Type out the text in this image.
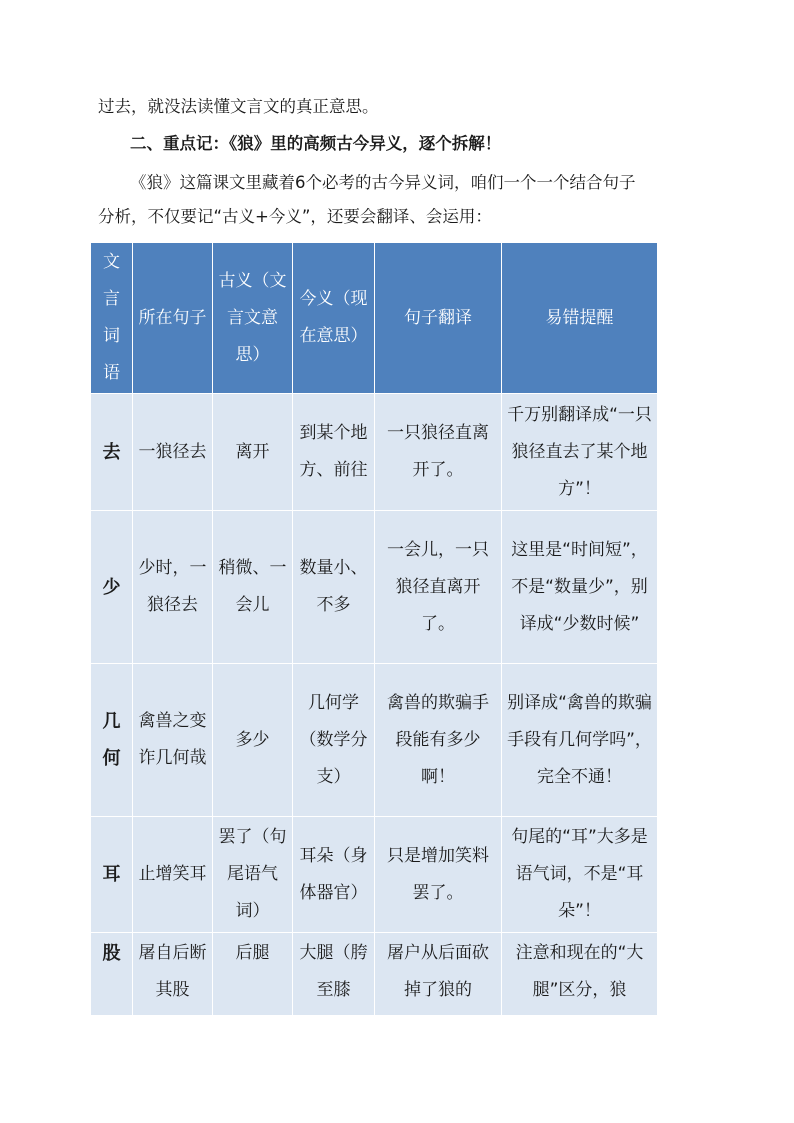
过去，就没法读懂文言文的真正意思。

二、重点记：《狼》里的高频古今异义，逐个拆解！

《狼》这篇课文里藏着6个必考的古今异义词，咱们一个一个结合句子

分析，不仅要记“古义+今义”，还要会翻译、会运用：

文言词语	所在句子	古义（文言文意思）	今义（现在意思）	句子翻译	易错提醒
去	一狼径去	离开	到某个地方、前往	一只狼径直离开了。	千万别翻译成“一只狼径直去了某个地方”！
少	少时，一狼径去	稍微、一会儿	数量小、不多	一会儿，一只狼径直离开了。	这里是“时间短”，不是“数量少”，别译成“少数时候”
几何	禽兽之变诈几何哉	多少	几何学（数学分支）	禽兽的欺骗手段能有多少啊！	别译成“禽兽的欺骗手段有几何学吗”，完全不通！
耳	止增笑耳	罢了（句尾语气词）	耳朵（身体器官）	只是增加笑料罢了。	句尾的“耳”大多是语气词，不是“耳朵”！
股	屠自后断其股	后腿	大腿（胯至膝	屠户从后面砍掉了狼的	注意和现在的“大腿”区分，狼
